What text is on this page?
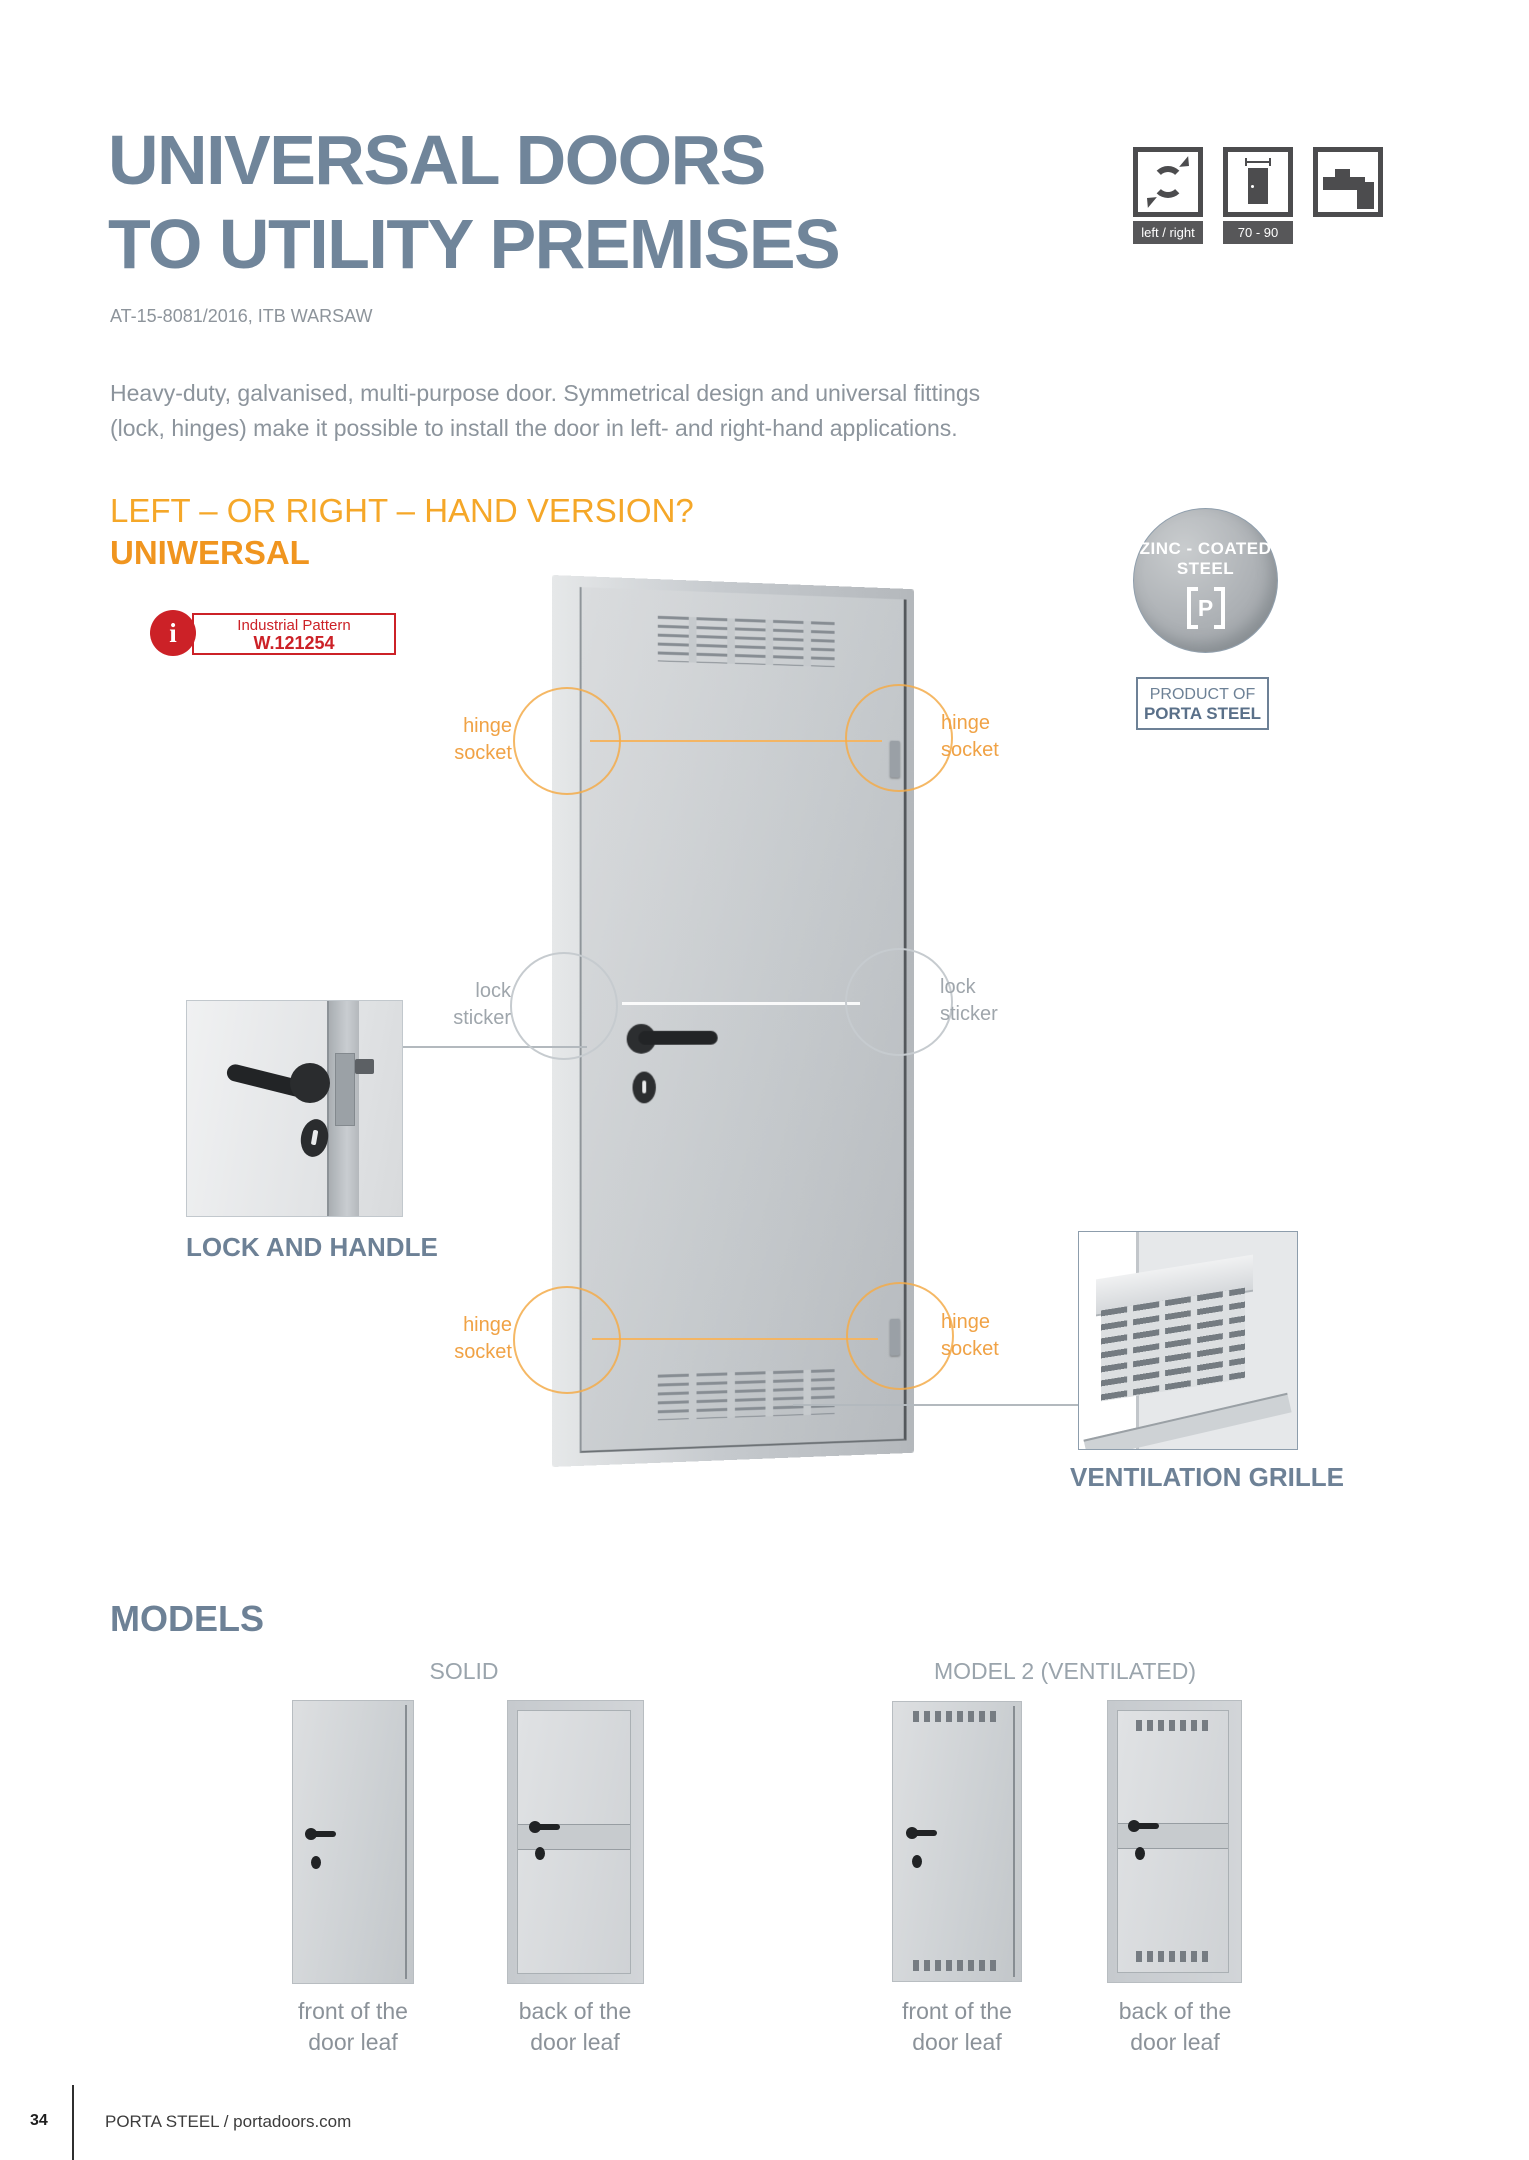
UNIVERSAL DOORS
TO UTILITY PREMISES
AT-15-8081/2016, ITB WARSAW
Heavy-duty, galvanised, multi-purpose door. Symmetrical design and universal fittings
(lock, hinges) make it possible to install the door in left- and right-hand applications.
left / right	70 - 90
LEFT – OR RIGHT – HAND VERSION?
UNIWERSAL
i	Industrial Pattern
W.121254
ZINC - COATED
STEEL
P
PRODUCT OF
PORTA STEEL
hinge socket
hinge socket
lock sticker
lock sticker
hinge socket
hinge socket
LOCK AND HANDLE
VENTILATION GRILLE
MODELS
SOLID	MODEL 2 (VENTILATED)
front of the
door leaf
back of the
door leaf
front of the
door leaf
back of the
door leaf
34	PORTA STEEL / portadoors.com
